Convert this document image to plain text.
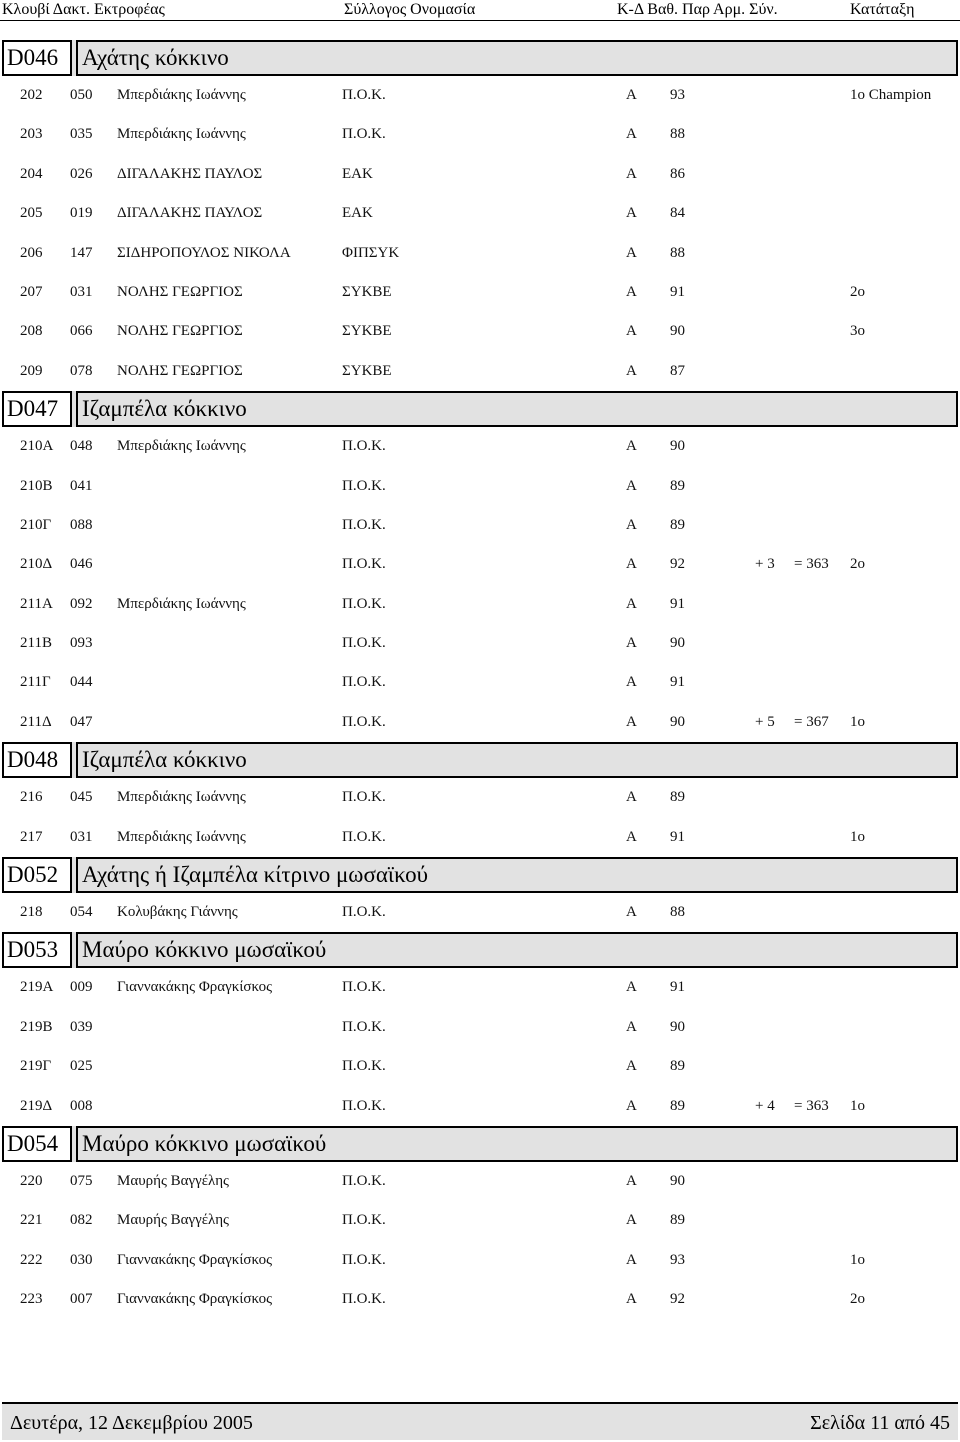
Κλουβί Δακτ. Εκτροφέας	Σύλλογος Ονομασία	Κ-Δ Βαθ. Παρ Αρμ. Σύν.	Κατάταξη
D046	Αχάτης κόκκινο
202 050 Μπερδιάκης Ιωάννης	Π.Ο.Κ.	Α 93	1ο Champion
203 035 Μπερδιάκης Ιωάννης	Π.Ο.Κ.	Α 88
204 026 ΔΙΓΑΛΑΚΗΣ ΠΑΥΛΟΣ	ΕΑΚ	Α 86
205 019 ΔΙΓΑΛΑΚΗΣ ΠΑΥΛΟΣ	ΕΑΚ	Α 84
206 147 ΣΙΔΗΡΟΠΟΥΛΟΣ ΝΙΚΟΛΑ	ΦΙΠΣΥΚ	Α 88
207 031 ΝΟΛΗΣ ΓΕΩΡΓΙΟΣ	ΣΥΚΒΕ	Α 91	2ο
208 066 ΝΟΛΗΣ ΓΕΩΡΓΙΟΣ	ΣΥΚΒΕ	Α 90	3ο
209 078 ΝΟΛΗΣ ΓΕΩΡΓΙΟΣ	ΣΥΚΒΕ	Α 87
D047	Ιζαμπέλα κόκκινο
210Α 048 Μπερδιάκης Ιωάννης	Π.Ο.Κ.	Α 90
210Β 041	Π.Ο.Κ.	Α 89
210Γ 088	Π.Ο.Κ.	Α 89
210Δ 046	Π.Ο.Κ.	Α 92	+ 3 = 363 2ο
211Α 092 Μπερδιάκης Ιωάννης	Π.Ο.Κ.	Α 91
211Β 093	Π.Ο.Κ.	Α 90
211Γ 044	Π.Ο.Κ.	Α 91
211Δ 047	Π.Ο.Κ.	Α 90	+ 5 = 367 1ο
D048	Ιζαμπέλα κόκκινο
216 045 Μπερδιάκης Ιωάννης	Π.Ο.Κ.	Α 89
217 031 Μπερδιάκης Ιωάννης	Π.Ο.Κ.	Α 91	1ο
D052	Αχάτης ή Ιζαμπέλα κίτρινο μωσαϊκού
218 054 Κολυβάκης Γιάννης	Π.Ο.Κ.	Α 88
D053	Μαύρο κόκκινο μωσαϊκού
219Α 009 Γιαννακάκης Φραγκίσκος	Π.Ο.Κ.	Α 91
219Β 039	Π.Ο.Κ.	Α 90
219Γ 025	Π.Ο.Κ.	Α 89
219Δ 008	Π.Ο.Κ.	Α 89	+ 4 = 363 1ο
D054	Μαύρο κόκκινο μωσαϊκού
220 075 Μαυρής Βαγγέλης	Π.Ο.Κ.	Α 90
221 082 Μαυρής Βαγγέλης	Π.Ο.Κ.	Α 89
222 030 Γιαννακάκης Φραγκίσκος	Π.Ο.Κ.	Α 93	1ο
223 007 Γιαννακάκης Φραγκίσκος	Π.Ο.Κ.	Α 92	2ο
Δευτέρα, 12 Δεκεμβρίου 2005	Σελίδα 11 από 45
